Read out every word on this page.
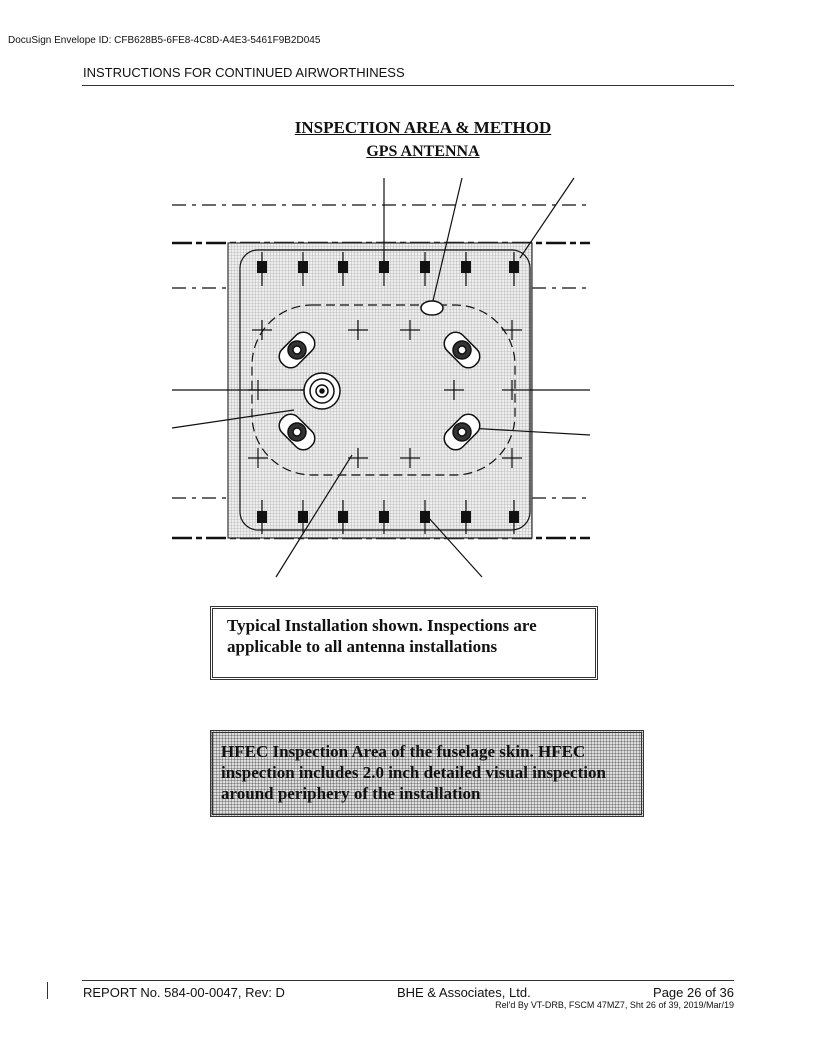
DocuSign Envelope ID: CFB628B5-6FE8-4C8D-A4E3-5461F9B2D045
INSTRUCTIONS FOR CONTINUED AIRWORTHINESS
INSPECTION AREA & METHOD
GPS ANTENNA
Typical Installation shown. Inspections are applicable to all antenna installations
HFEC Inspection Area of the fuselage skin. HFEC inspection includes 2.0 inch detailed visual inspection around periphery of the installation
REPORT No. 584-00-0047, Rev: D	BHE & Associates, Ltd.	Page 26 of 36
Rel'd By VT-DRB, FSCM 47MZ7, Sht 26 of 39, 2019/Mar/19
